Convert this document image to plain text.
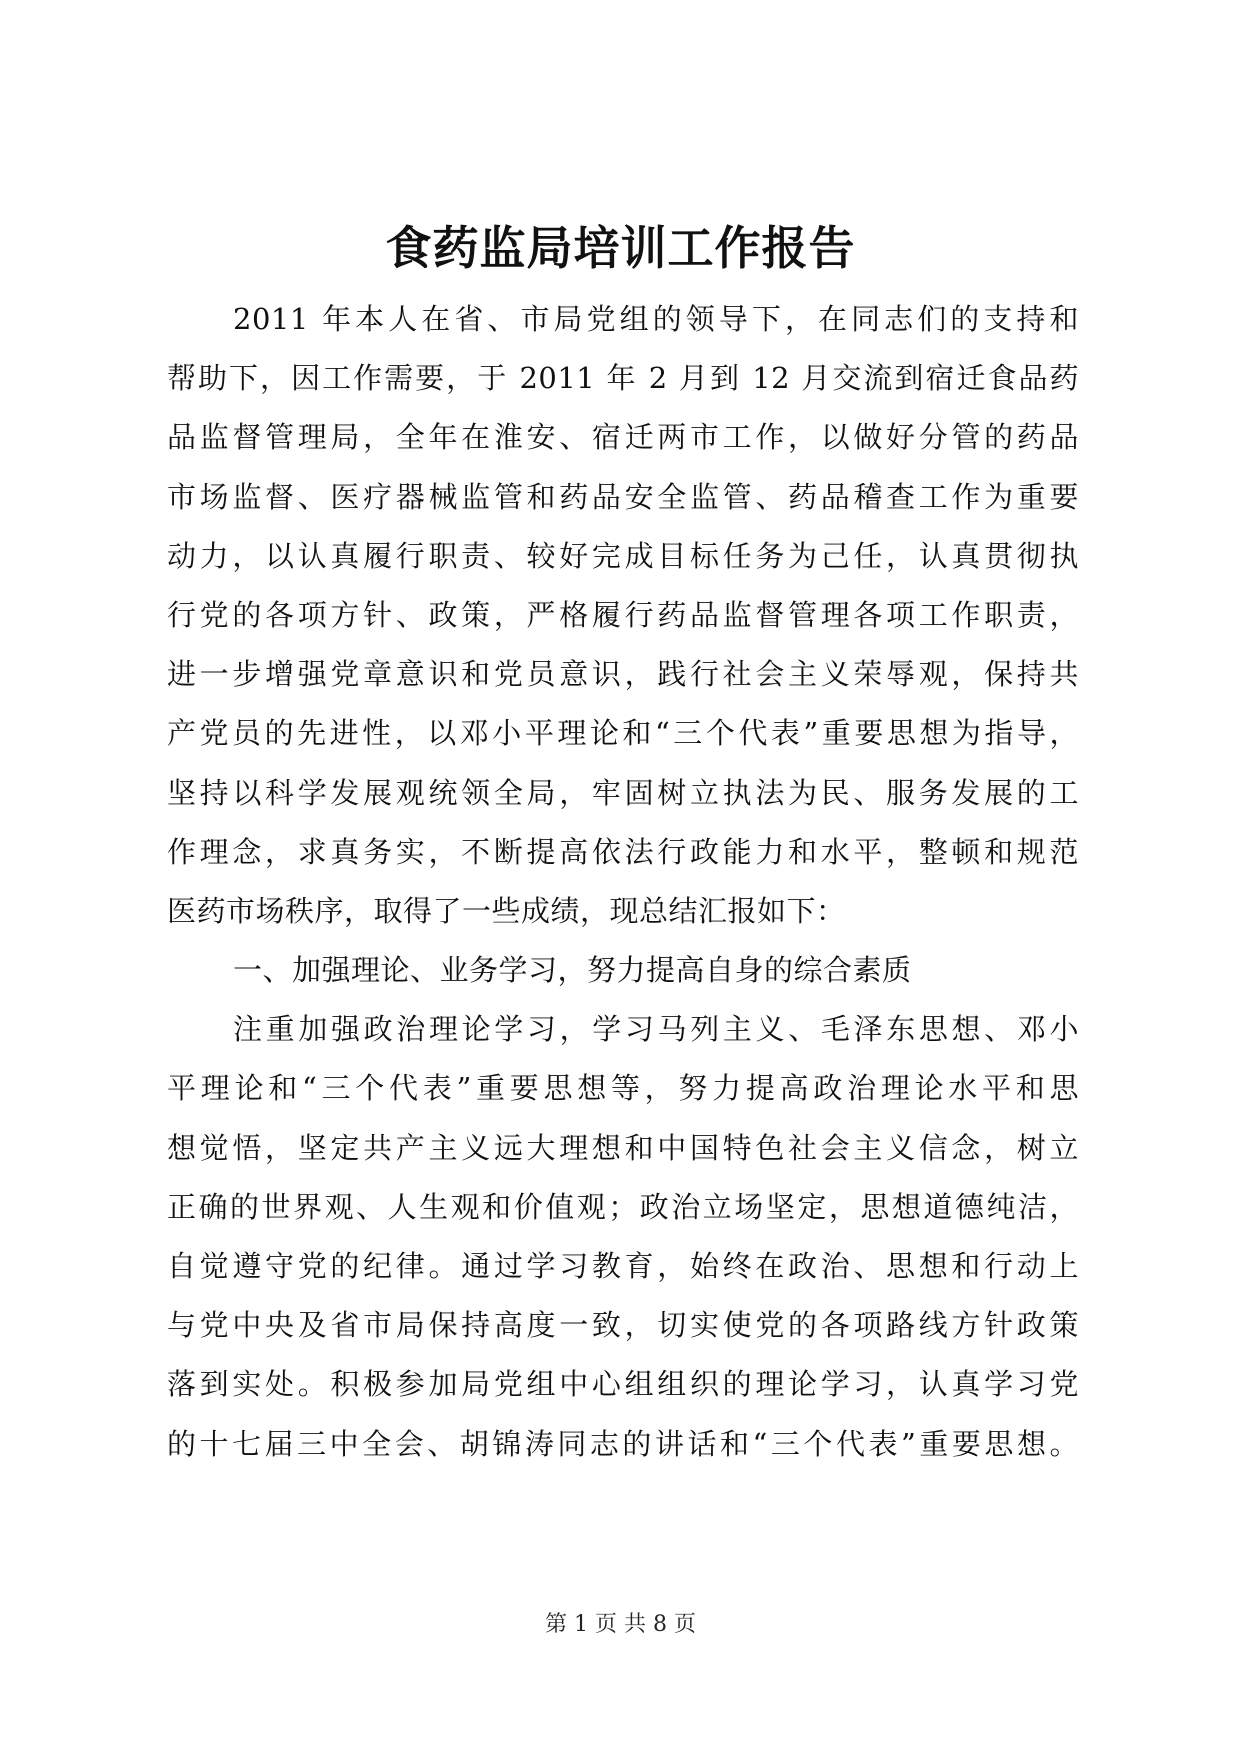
食药监局培训工作报告
2011 年本人在省、市局党组的领导下，在同志们的支持和
帮助下，因工作需要，于 2011 年 2 月到 12 月交流到宿迁食品药
品监督管理局，全年在淮安、宿迁两市工作，以做好分管的药品
市场监督、医疗器械监管和药品安全监管、药品稽查工作为重要
动力，以认真履行职责、较好完成目标任务为己任，认真贯彻执
行党的各项方针、政策，严格履行药品监督管理各项工作职责，
进一步增强党章意识和党员意识，践行社会主义荣辱观，保持共
产党员的先进性，以邓小平理论和“三个代表”重要思想为指导，
坚持以科学发展观统领全局，牢固树立执法为民、服务发展的工
作理念，求真务实，不断提高依法行政能力和水平，整顿和规范
医药市场秩序，取得了一些成绩，现总结汇报如下：
一、加强理论、业务学习，努力提高自身的综合素质
注重加强政治理论学习，学习马列主义、毛泽东思想、邓小
平理论和“三个代表”重要思想等，努力提高政治理论水平和思
想觉悟，坚定共产主义远大理想和中国特色社会主义信念，树立
正确的世界观、人生观和价值观；政治立场坚定，思想道德纯洁，
自觉遵守党的纪律。通过学习教育，始终在政治、思想和行动上
与党中央及省市局保持高度一致，切实使党的各项路线方针政策
落到实处。积极参加局党组中心组组织的理论学习，认真学习党
的十七届三中全会、胡锦涛同志的讲话和“三个代表”重要思想。
第 1 页 共 8 页
